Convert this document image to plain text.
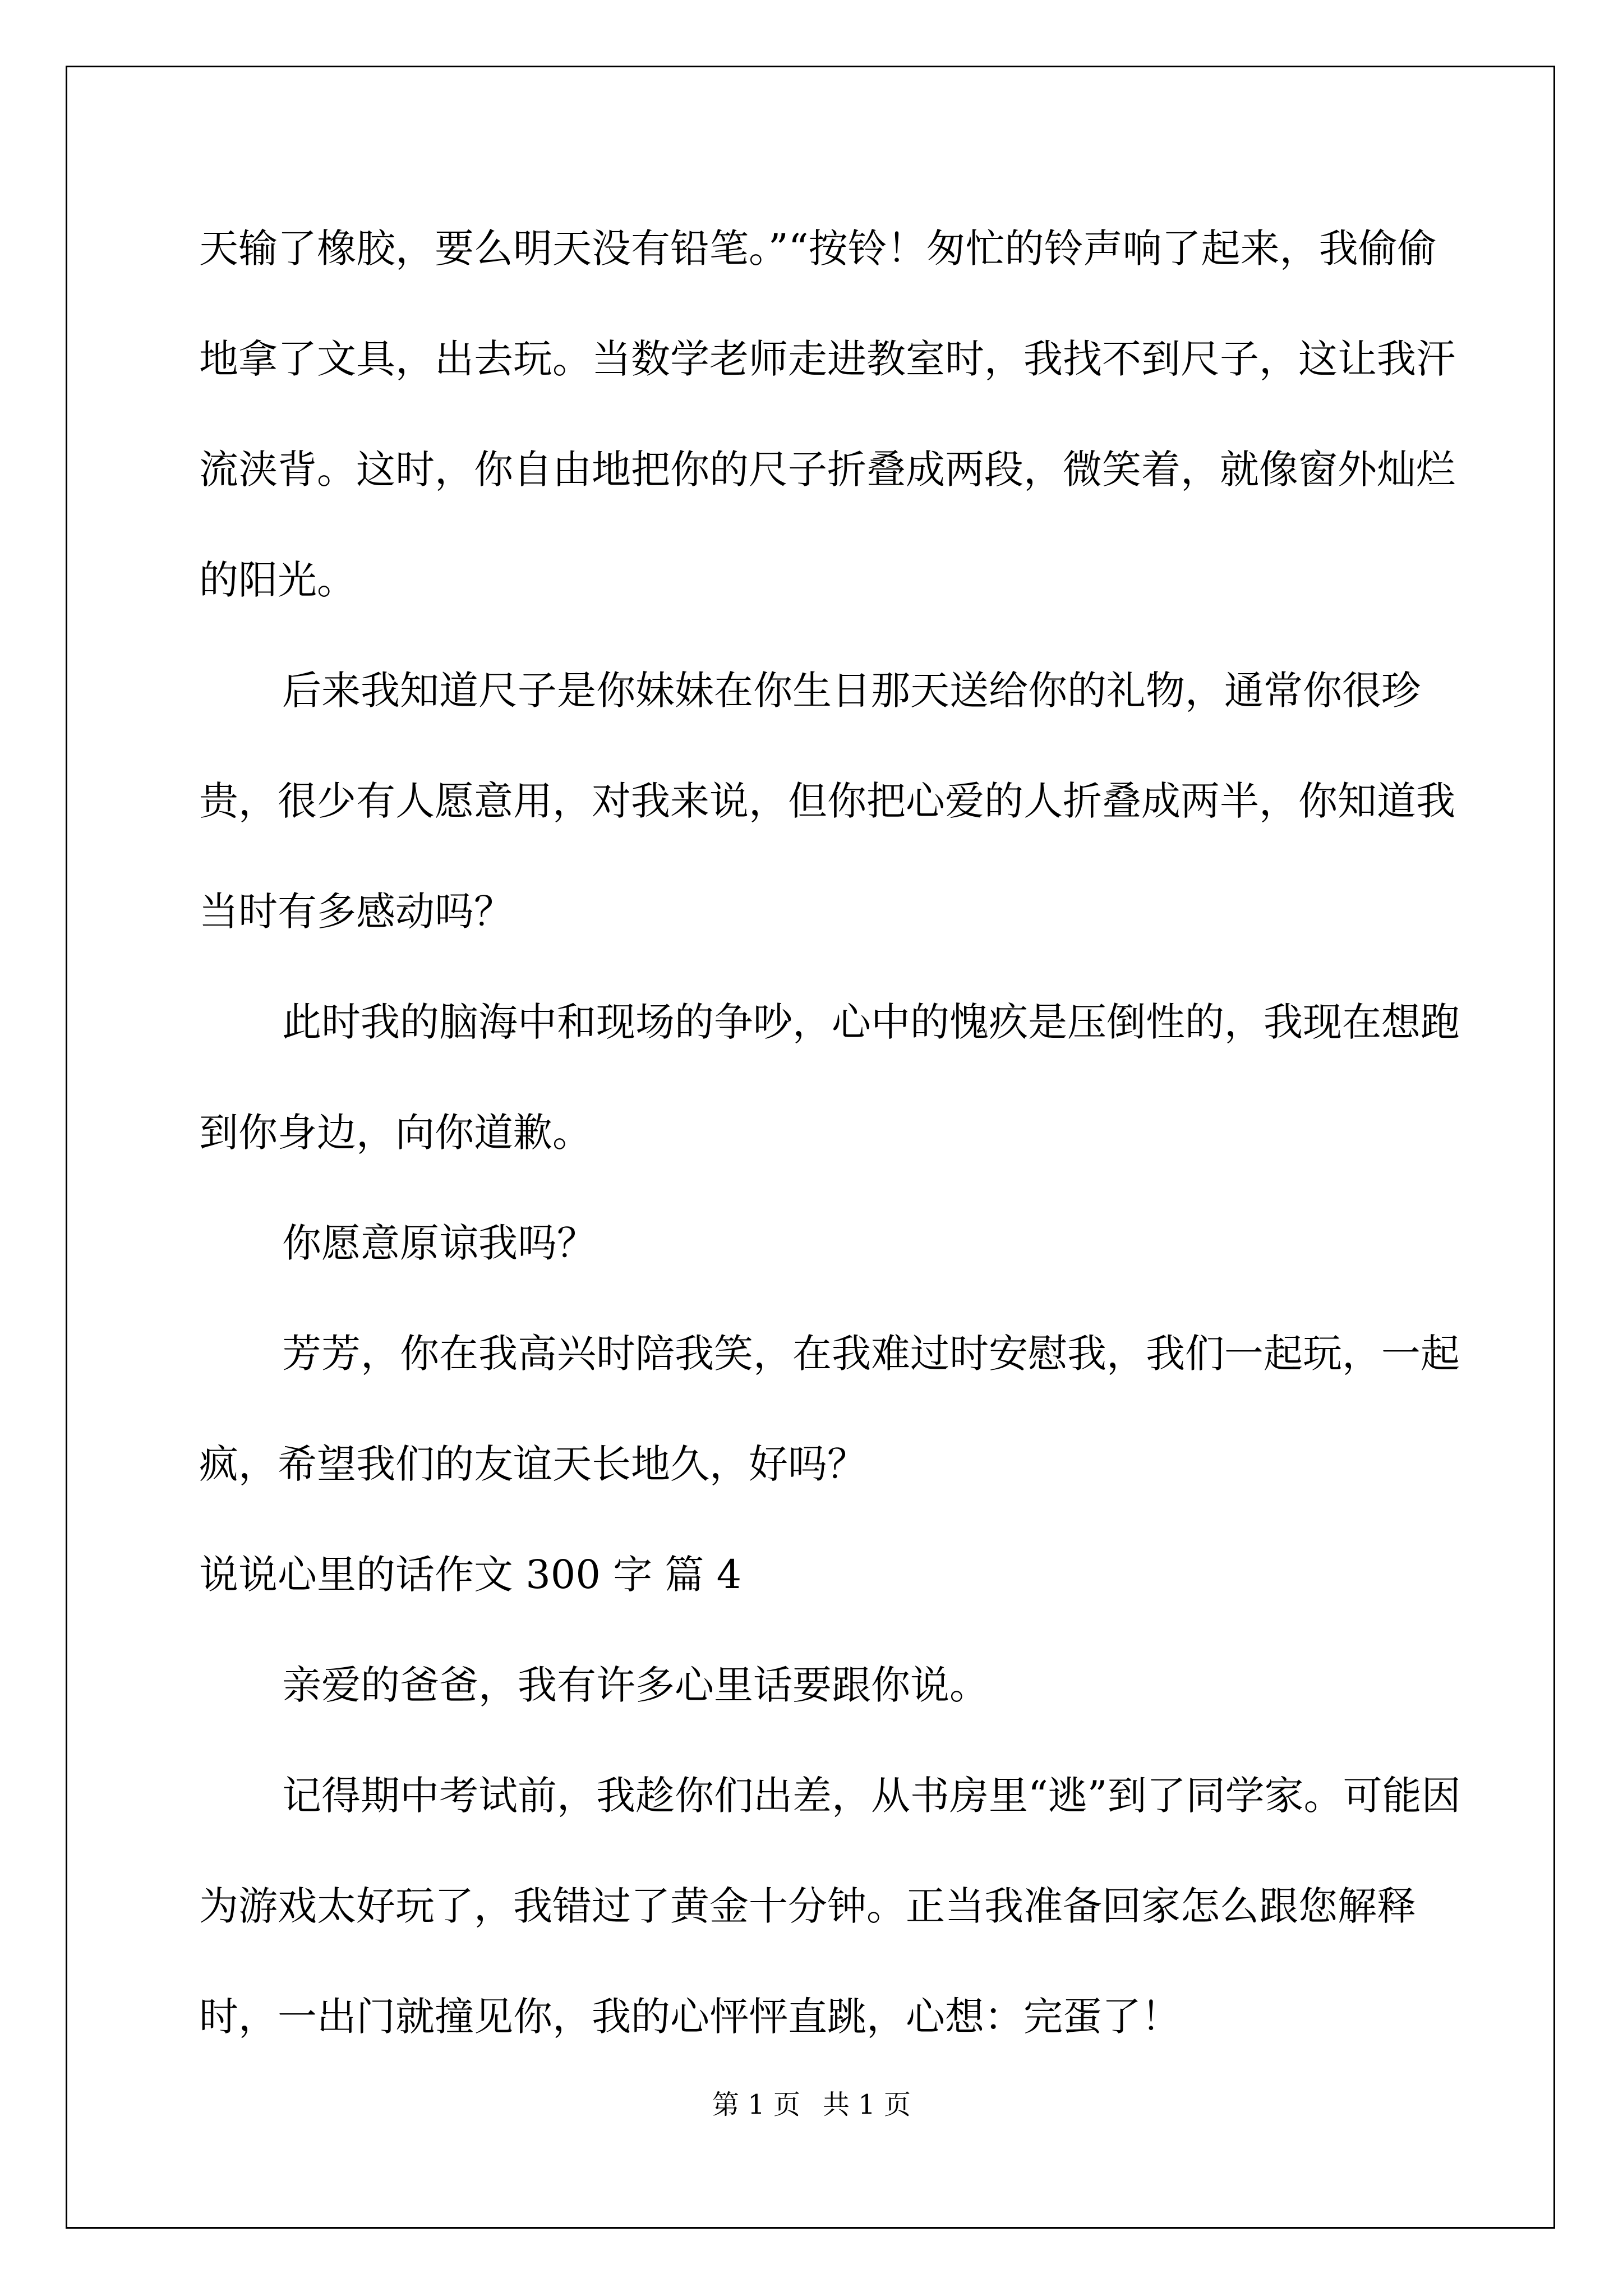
天输了橡胶，要么明天没有铅笔。”“按铃！匆忙的铃声响了起来，我偷偷地拿了文具，出去玩。当数学老师走进教室时，我找不到尺子，这让我汗流浃背。这时，你自由地把你的尺子折叠成两段，微笑着，就像窗外灿烂的阳光。

后来我知道尺子是你妹妹在你生日那天送给你的礼物，通常你很珍贵，很少有人愿意用，对我来说，但你把心爱的人折叠成两半，你知道我当时有多感动吗？

此时我的脑海中和现场的争吵，心中的愧疚是压倒性的，我现在想跑到你身边，向你道歉。

你愿意原谅我吗？

芳芳，你在我高兴时陪我笑，在我难过时安慰我，我们一起玩，一起疯，希望我们的友谊天长地久，好吗？

说说心里的话作文 300 字 篇 4

亲爱的爸爸，我有许多心里话要跟你说。

记得期中考试前，我趁你们出差，从书房里“逃”到了同学家。可能因为游戏太好玩了，我错过了黄金十分钟。正当我准备回家怎么跟您解释时，一出门就撞见你，我的心怦怦直跳，心想：完蛋了！

第 1 页 共 1 页
